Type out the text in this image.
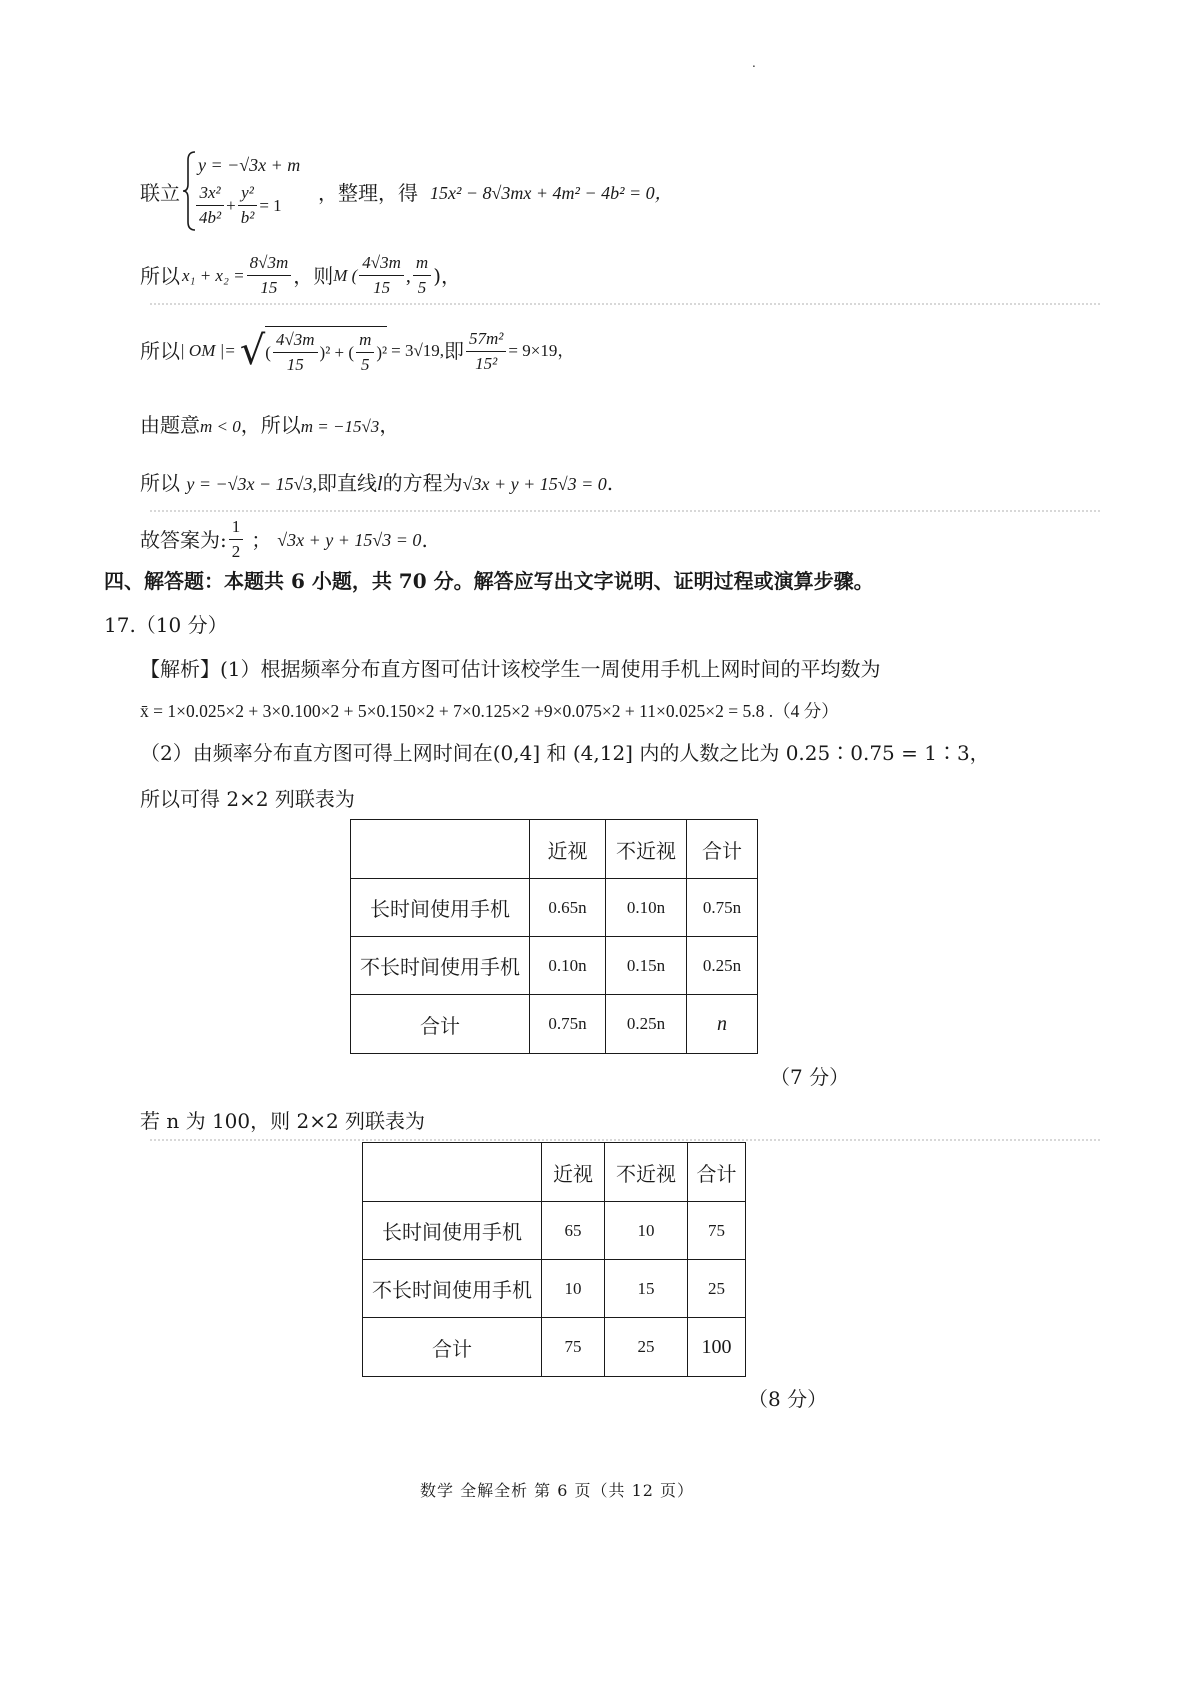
.
联立
y = −√3x + m
$\frac{\text{3x²}}{\text{4b²}} + \frac{\text{y²}}{\text{b²}} = 1$ ，整理，得 15x² − 8√3mx + 4m² − 4b² = 0，
所以 $x_1 + x_2 = \frac{8√3m}{15}$ ，则 M ( $\frac{4√3m}{15}$ , $\frac{m}{5}$ )，
所以 | OM |= √ ( $\frac{4√3m}{15} )^2$ + ( $\frac{m}{5} )^2 = 3√19$, 即 $\frac{\text{57m²}}{\text{15²}} = 9\times 19$，
由题意m < 0，所以m = −15√3，
所以 y = −√3x − 15√3,即直线l的方程为√3x + y + 15√3 = 0.
故答案为: $\frac{1}{2}$ ； √3x + y + 15√3 = 0 .
四、解答题：本题共 6 小题，共 70 分。解答应写出文字说明、证明过程或演算步骤。
17.（10 分）
【解析】(1）根据频率分布直方图可估计该校学生一周使用手机上网时间的平均数为
x̄ = 1×0.025×2 + 3×0.100×2 + 5×0.150×2 + 7×0.125×2 +9×0.075×2 + 11×0.025×2 = 5.8 .（4 分）
（2）由频率分布直方图可得上网时间在(0,4] 和 (4,12] 内的人数之比为 0.25∶0.75 = 1∶3，
所以可得 2×2 列联表为
	近视	不近视	合计
长时间使用手机	0.65n	0.10n	0.75n
不长时间使用手机	0.10n	0.15n	0.25n
合计	0.75n	0.25n	n
（7 分）
若 n 为 100，则 2×2 列联表为
	近视	不近视	合计
长时间使用手机	65	10	75
不长时间使用手机	10	15	25
合计	75	25	100
（8 分）
数学 全解全析 第 6 页（共 12 页）
